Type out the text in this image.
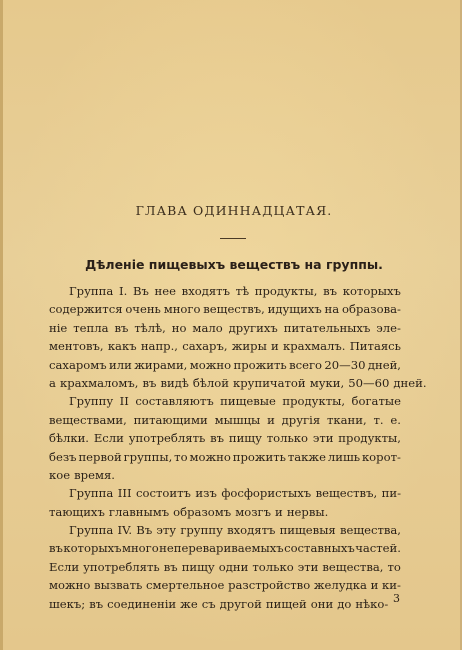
ГЛАВА ОДИННАДЦАТАЯ.
Дѣленіе пищевыхъ веществъ на группы.
Группа I. Въ нее входятъ тѣ продукты, въ которыхъ
содержится очень много веществъ, идущихъ на образова-
ніе тепла въ тѣлѣ, но мало другихъ питательныхъ эле-
ментовъ, какъ напр., сахаръ, жиры и крахмалъ. Питаясь
сахаромъ или жирами, можно прожить всего 20—30 дней,
а крахмаломъ, въ видѣ бѣлой крупичатой муки, 50—60 дней.
Группу II составляютъ пищевые продукты, богатые
веществами, питающими мышцы и другія ткани, т. е.
бѣлки. Если употреблять въ пищу только эти продукты,
безъ первой группы, то можно прожить также лишь корот-
кое время.
Группа III состоитъ изъ фосфористыхъ веществъ, пи-
тающихъ главнымъ образомъ мозгъ и нервы.
Группа IV. Въ эту группу входятъ пищевыя вещества,
въ которыхъ много неперевариваемыхъ составныхъ частей.
Если употреблять въ пищу одни только эти вещества, то
можно вызвать смертельное разстройство желудка и ки-
шекъ; въ соединеніи же съ другой пищей они до нѣко- 3
